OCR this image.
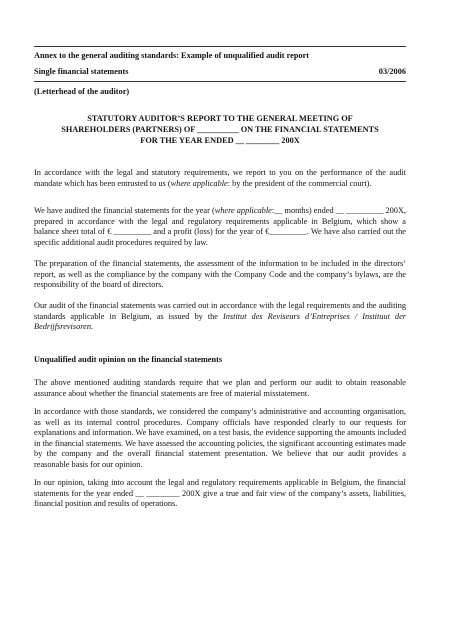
Annex to the general auditing standards: Example of unqualified audit report
Single financial statements	03/2006
(Letterhead of the auditor)
STATUTORY AUDITOR’S REPORT TO THE GENERAL MEETING OF
SHAREHOLDERS (PARTNERS) OF __________ ON THE FINANCIAL STATEMENTS
FOR THE YEAR ENDED __ ________ 200X

In accordance with the legal and statutory requirements, we report to you on the performance of the audit mandate which has been entrusted to us (where applicable: by the president of the commercial court).

We have audited the financial statements for the year (where applicable:__ months) ended __ _________ 200X, prepared in accordance with the legal and regulatory requirements applicable in Belgium, which show a balance sheet total of € _________ and a profit (loss) for the year of €_________. We have also carried out the specific additional audit procedures required by law.

The preparation of the financial statements, the assessment of the information to be included in the directors’ report, as well as the compliance by the company with the Company Code and the company’s bylaws, are the responsibility of the board of directors.

Our audit of the financial statements was carried out in accordance with the legal requirements and the auditing standards applicable in Belgium, as issued by the Institut des Reviseurs d’Entreprises / Instituut der Bedrijfsrevisoren.

Unqualified audit opinion on the financial statements
The above mentioned auditing standards require that we plan and perform our audit to obtain reasonable assurance about whether the financial statements are free of material misstatement.
In accordance with those standards, we considered the company’s administrative and accounting organisation, as well as its internal control procedures. Company officials have responded clearly to our requests for explanations and information. We have examined, on a test basis, the evidence supporting the amounts included in the financial statements. We have assessed the accounting policies, the significant accounting estimates made by the company and the overall financial statement presentation. We believe that our audit provides a reasonable basis for our opinion.
In our opinion, taking into account the legal and regulatory requirements applicable in Belgium, the financial statements for the year ended __ ________ 200X give a true and fair view of the company’s assets, liabilities, financial position and results of operations.
